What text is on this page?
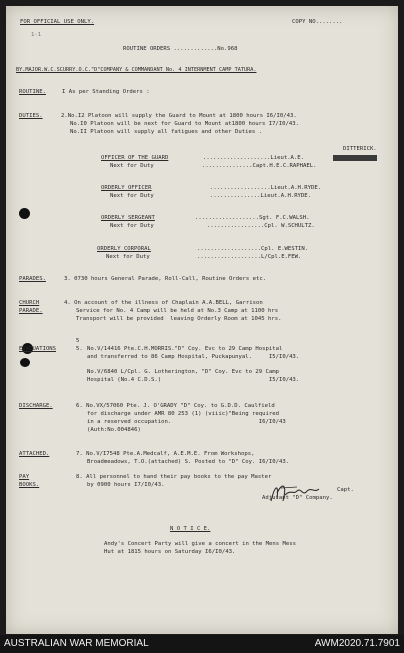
FOR OFFICIAL USE ONLY.	COPY NO........
1-1
ROUTINE ORDERS .............No.968
BY.MAJOR.W.C.SCURRY.O.C."D"COMPANY & COMMANDANT No. 4 INTERNMENT CAMP TATURA.
ROUTINE.	I As per Standing Orders :
DUTIES.	2.No.I2 Platoon will supply the Guard to Mount at 1800 hours I6/I0/43.
No.I0 Platoon will be next for Guard to Mount at1800 hours I7/I0/43.
No.II Platoon will supply all fatigues and other Duties .
DITTERICK.
OFFICER OF THE GUARD	....................Lieut.A.E.
Next for Duty	...............Capt.H.E.C.RAPHAEL.
ORDERLY OFFICER	..................Lieut.A.H.RYDE.
Next for Duty	...............Lieut.A.H.RYDE.
ORDERLY SERGEANT	...................Sgt. F.C.WALSH.
Next for Duty	.................Cpl. W.SCHULTZ.
ORDERLY CORPORAL	...................Cpl. E.WESTIN.
Next for Duty	...................L/Cpl.E.FEW.
PARADES.	3. 0730 hours General Parade, Roll-Call, Routine Orders etc.
CHURCH
PARADE.
4. On account of the illness of Chaplain A.A.BELL, Garrison
Service for No. 4 Camp will be held at No.3 Camp at 1100 hrs
Transport will be provided  leaving Orderly Room at 1045 hrs.
5
EVACUATIONS	5. No.V/14416 Pte.C.H.MORRIS."D" Coy. Evc to 29 Camp Hospital
and transferred to 86 Camp Hospital, Puckapunyal.     I5/I0/43.
No.V/6840 L/Cpl. G. Lotherington, "D" Coy. Evc to 29 Camp
Hospital (No.4 C.D.S.)                                I5/I0/43.
DISCHARGE.	6. No.VX/57060 Pte. J. O'GRADY "D" Coy. to G.D.D. Caulfield
for discharge under AMR 80 253 (1) (viiic)"Being required
in a reserved occupation.                          I6/I0/43
(Auth:No.004846)
ATTACHED.	7. No.V/I7548 Pte.A.Medcalf, A.E.M.E. From Workshops,
Broadmeadows, T.O.(attached) S. Posted to "D" Coy. I6/I0/43.
PAY
BOOKS.
8. All personnel to hand their pay books to the pay Master
by 0900 hours I7/I0/43.
Capt.
Adjutant "D" Company.
N O T I C E.
Andy's Concert Party will give a concert in the Mens Mess
Hut at 1815 hours on Saturday I6/I0/43.
AUSTRALIAN WAR MEMORIAL	AWM2020.71.7901
